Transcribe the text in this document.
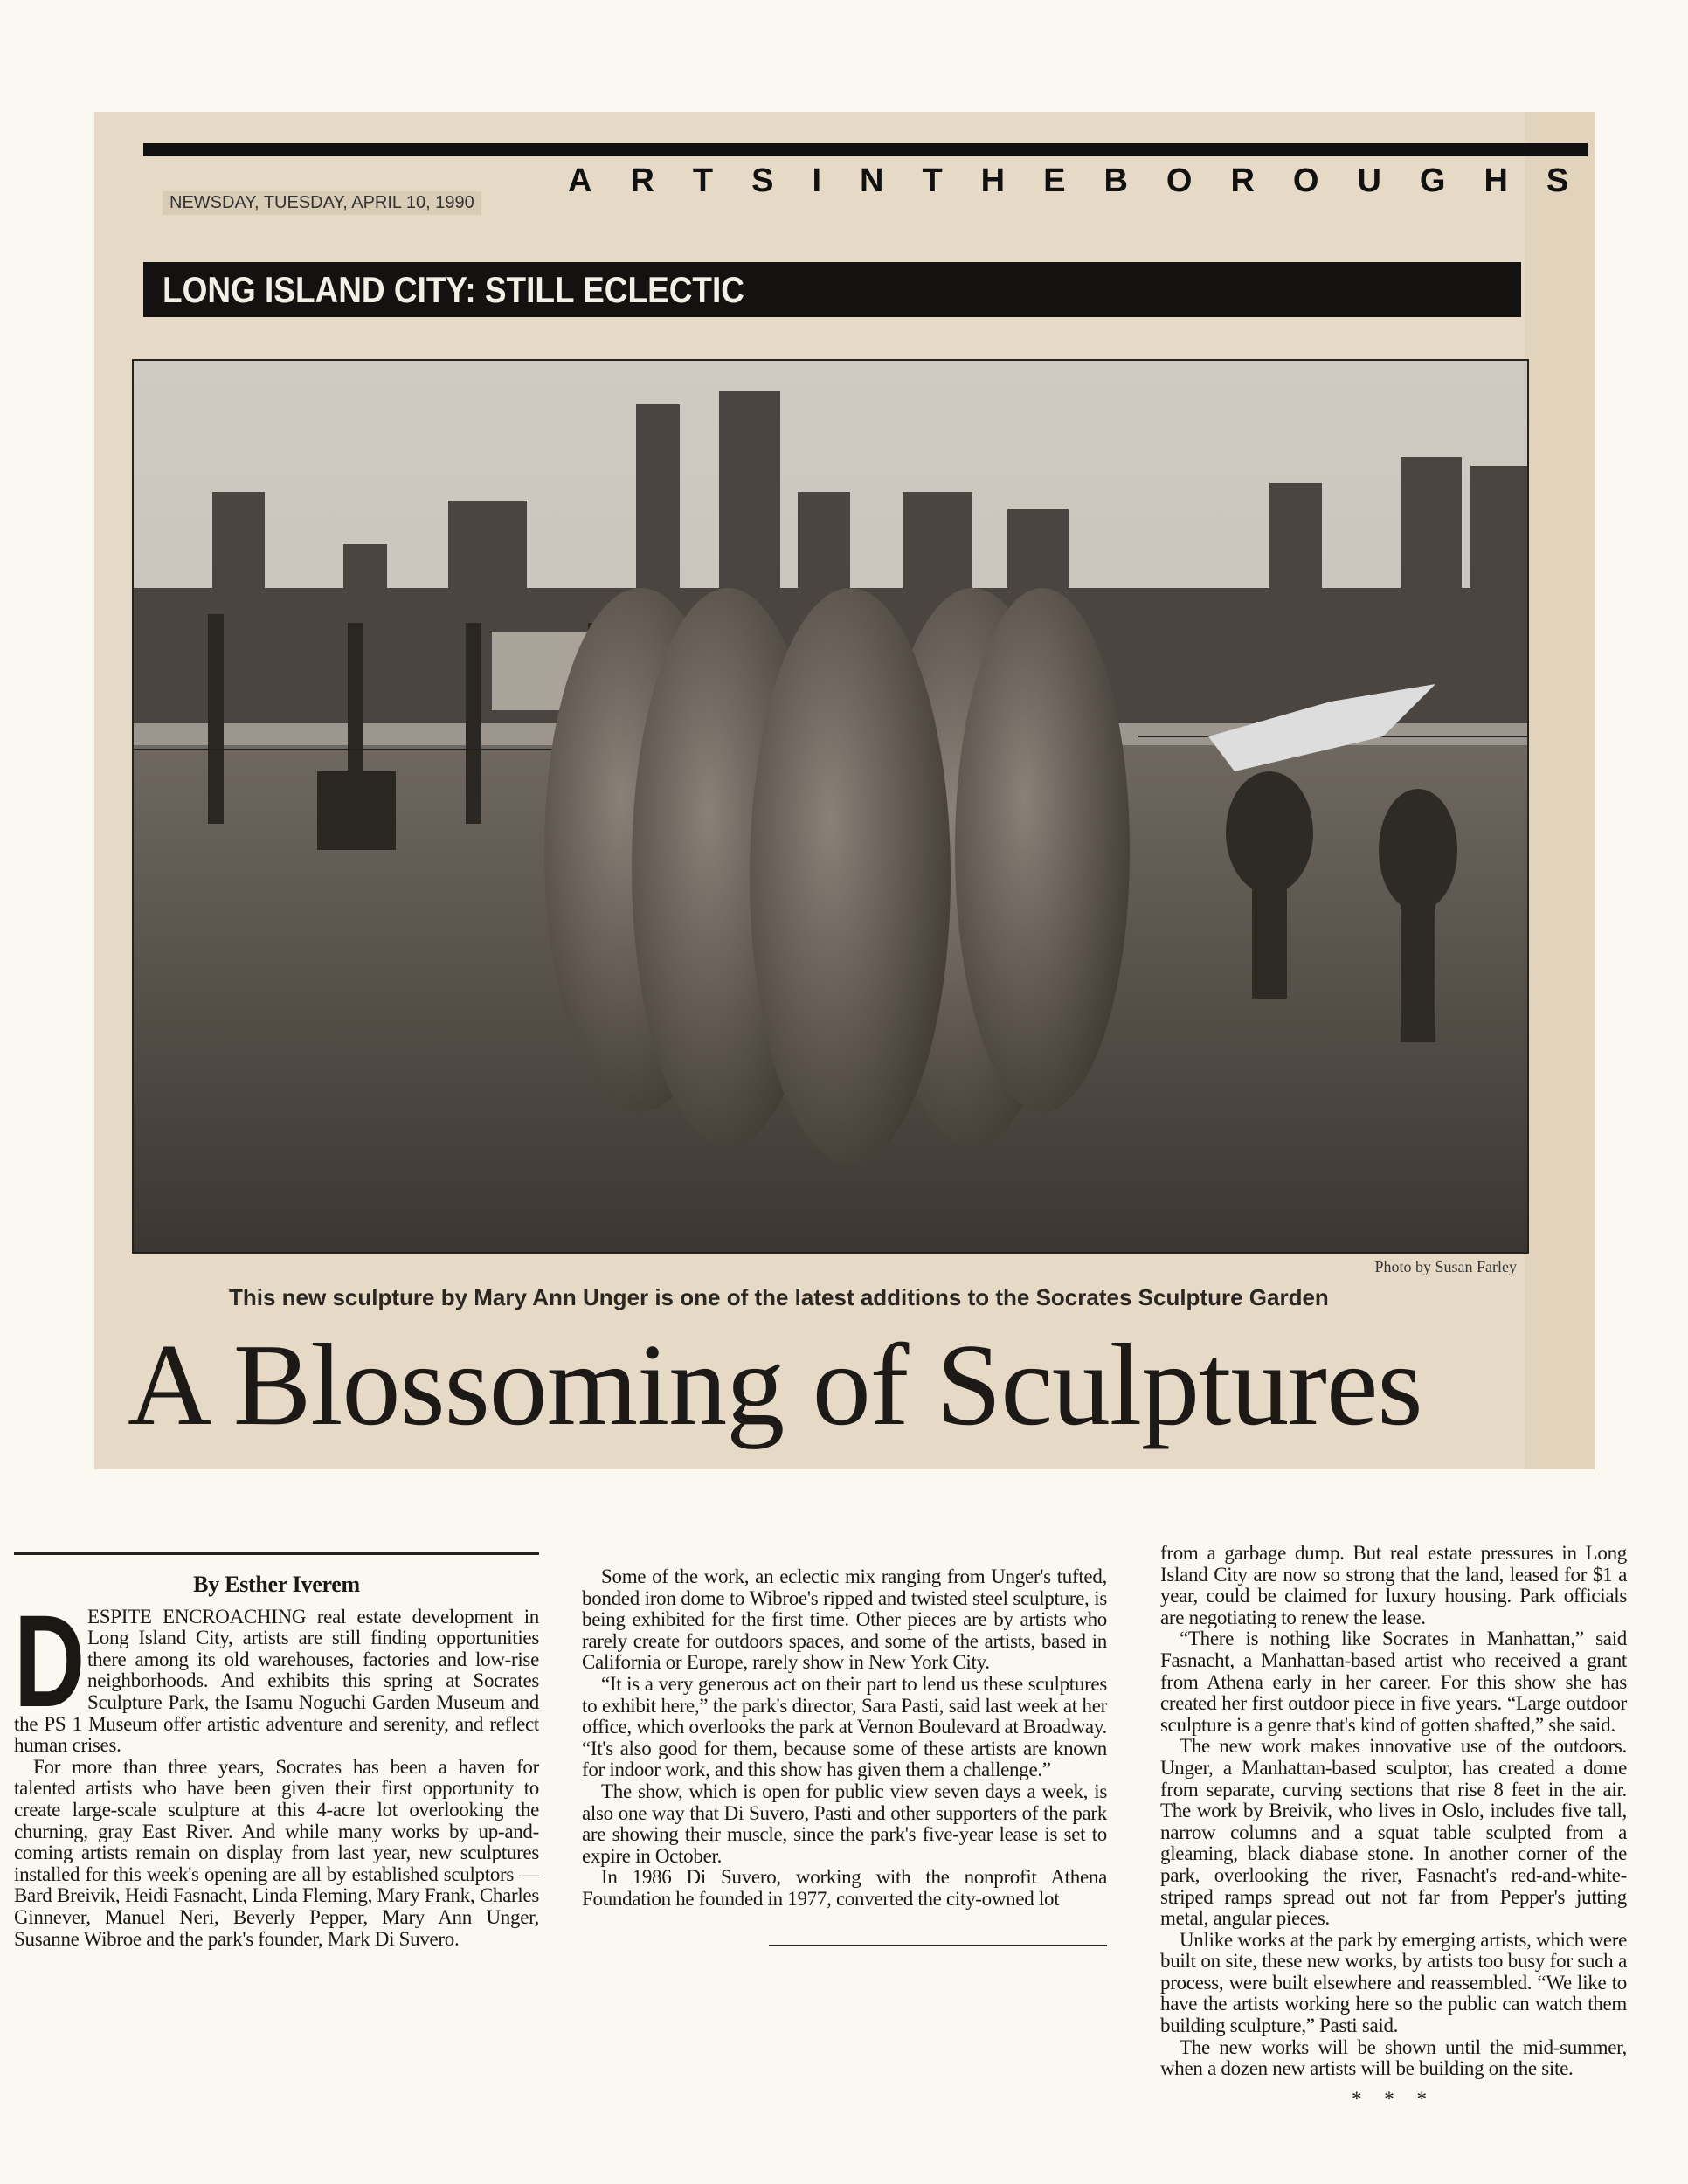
NEWSDAY, TUESDAY, APRIL 10, 1990
ARTS IN THE BOROUGHS
LONG ISLAND CITY: STILL ECLECTIC
Photo by Susan Farley
This new sculpture by Mary Ann Unger is one of the latest additions to the Socrates Sculpture Garden
A Blossoming of Sculptures
By Esther Iverem

DESPITE ENCROACHING real estate development in Long Island City, artists are still finding opportunities there among its old warehouses, factories and low-rise neighborhoods. And exhibits this spring at Socrates Sculpture Park, the Isamu Noguchi Garden Museum and the PS 1 Museum offer artistic adventure and serenity, and reflect human crises.

For more than three years, Socrates has been a haven for talented artists who have been given their first opportunity to create large-scale sculpture at this 4-acre lot overlooking the churning, gray East River. And while many works by up-and-coming artists remain on display from last year, new sculptures installed for this week's opening are all by established sculptors — Bard Breivik, Heidi Fasnacht, Linda Fleming, Mary Frank, Charles Ginnever, Manuel Neri, Beverly Pepper, Mary Ann Unger, Susanne Wibroe and the park's founder, Mark Di Suvero.

Some of the work, an eclectic mix ranging from Unger's tufted, bonded iron dome to Wibroe's ripped and twisted steel sculpture, is being exhibited for the first time. Other pieces are by artists who rarely create for outdoors spaces, and some of the artists, based in California or Europe, rarely show in New York City.

“It is a very generous act on their part to lend us these sculptures to exhibit here,” the park's director, Sara Pasti, said last week at her office, which overlooks the park at Vernon Boulevard at Broadway. “It's also good for them, because some of these artists are known for indoor work, and this show has given them a challenge.”

The show, which is open for public view seven days a week, is also one way that Di Suvero, Pasti and other supporters of the park are showing their muscle, since the park's five-year lease is set to expire in October.

In 1986 Di Suvero, working with the nonprofit Athena Foundation he founded in 1977, converted the city-owned lot

from a garbage dump. But real estate pressures in Long Island City are now so strong that the land, leased for $1 a year, could be claimed for luxury housing. Park officials are negotiating to renew the lease.

“There is nothing like Socrates in Manhattan,” said Fasnacht, a Manhattan-based artist who received a grant from Athena early in her career. For this show she has created her first outdoor piece in five years. “Large outdoor sculpture is a genre that's kind of gotten shafted,” she said.

The new work makes innovative use of the outdoors. Unger, a Manhattan-based sculptor, has created a dome from separate, curving sections that rise 8 feet in the air. The work by Breivik, who lives in Oslo, includes five tall, narrow columns and a squat table sculpted from a gleaming, black diabase stone. In another corner of the park, overlooking the river, Fasnacht's red-and-white-striped ramps spread out not far from Pepper's jutting metal, angular pieces.

Unlike works at the park by emerging artists, which were built on site, these new works, by artists too busy for such a process, were built elsewhere and reassembled. “We like to have the artists working here so the public can watch them building sculpture,” Pasti said.

The new works will be shown until the mid-summer, when a dozen new artists will be building on the site.

* * *
